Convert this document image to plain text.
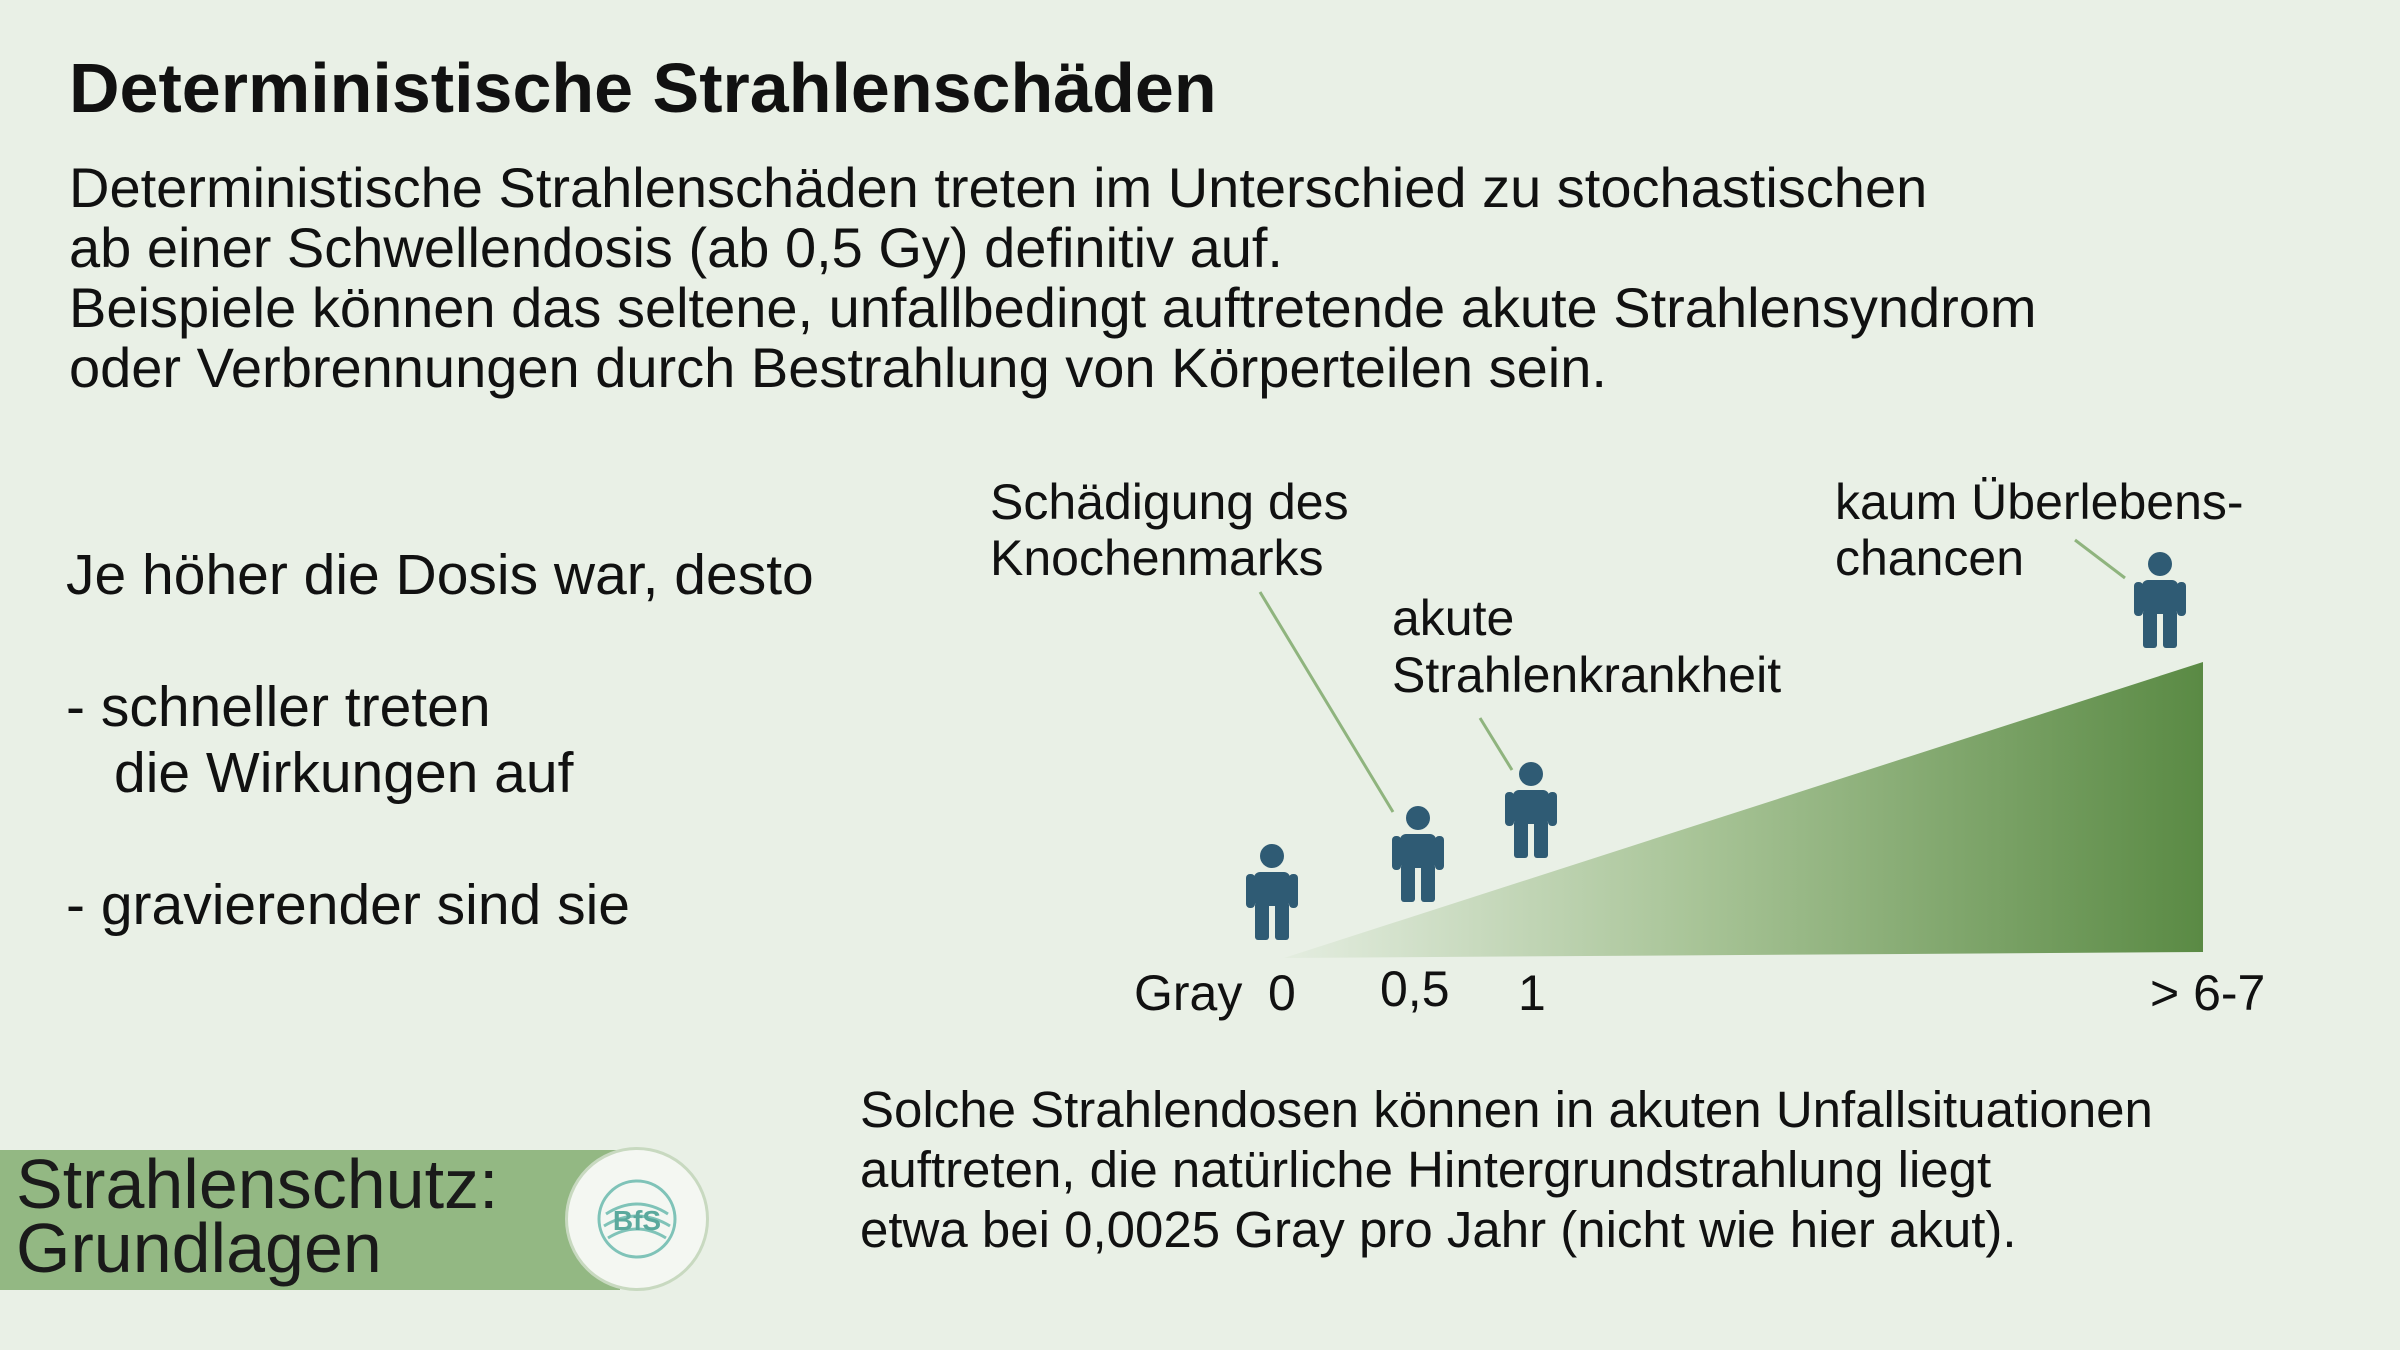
Deterministische Strahlenschäden
Deterministische Strahlenschäden treten im Unterschied zu stochastischen
ab einer Schwellendosis (ab 0,5 Gy) definitiv auf.
Beispiele können das seltene, unfallbedingt auftretende akute Strahlensyndrom
oder Verbrennungen durch Bestrahlung von Körperteilen sein.
Je höher die Dosis war, desto
- schneller treten
die Wirkungen auf
- gravierender sind sie
Schädigung des
Knochenmarks
akute
Strahlenkrankheit
kaum Überlebens-
chancen
Gray 0 0,5 1	> 6-7
Solche Strahlendosen können in akuten Unfallsituationen
auftreten, die natürliche Hintergrundstrahlung liegt
etwa bei 0,0025 Gray pro Jahr (nicht wie hier akut).
BfS
Strahlenschutz:
Grundlagen
